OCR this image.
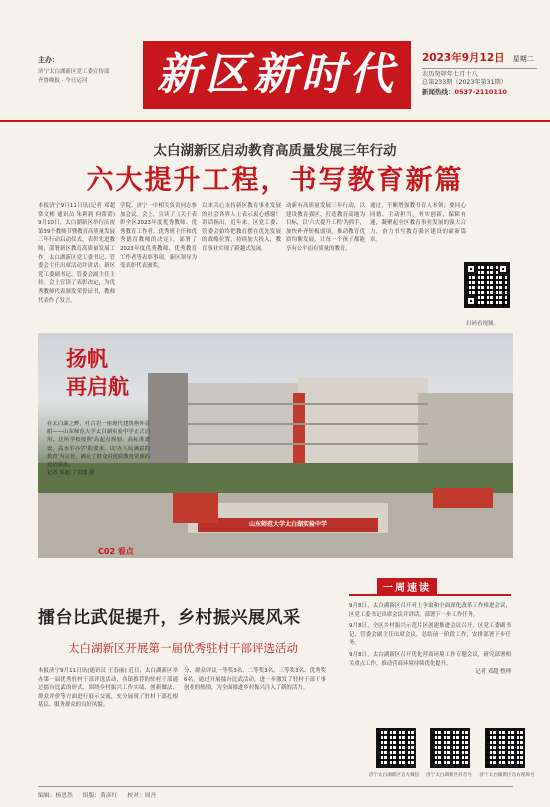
主办：
济宁太白湖新区党工委宣传部
齐鲁晚报 · 今日运河	新区新时代	2023年9月12日 星期二
农历癸卯年七月十八
总第233期（2023年第31期）
新闻热线：0537-2110110
太白湖新区启动教育高质量发展三年行动
六大提升工程，书写教育新篇
本报济宁9月11日讯(记者 邓超 常文彬 通讯员 朱莉莉 何蕾蕾) 9月10日，太白湖新区举行庆祝第39个教师节暨教育高质量发展三年行动启动仪式，表彰先进教师，部署新区教育高质量发展工作。太白湖新区党工委书记、管委会主任出席活动并讲话。新区党工委副书记、管委会副主任主持。会上宣读了表彰决定，为优秀教师代表颁发荣誉证书，教师代表作了发言。
学院、济宁一中相关负责同志参加会议。会上，宣读了《关于表彰全区2023年度优秀教师、优秀教育工作者、优秀班主任和优秀德育教师的决定》，部署了2023年度优秀教师、优秀教育工作者等表彰事项，新区领导为受表彰代表颁奖。
以来关心支持新区教育事业发展的社会各界人士表示衷心感谢！讲话指出，近年来，区党工委、管委会始终把教育摆在优先发展的战略位置，持续加大投入，教育事业实现了跨越式发展。
动新有高质量发展三年行动，以建设教育强区、打造教育高地为目标，以'六大提升工程'为抓手，加快补齐短板弱项，推动教育优质均衡发展，让每一个孩子都能享有公平而有质量的教育。
通过，不断增强教书育人本领；要同心同德，主动担当，务实创新，保障有速，凝聚起全区教育事业发展的强大合力，奋力书写教育强区建设的崭新篇章。
扫码看视频。
山东师范大学太白湖实验中学
扬帆
再启航
在太白湖之畔，吐古岩一座现代建筑格外显眼——山东师范大学太白湖实验中学正式启用。这所学校按照'高起点规划、高标准建设、高水平办学'的要求，以'办人民满意的教育'为宗旨，满足了群众对优质教育资源的迫切需求。
记者 邓超 丁宏图 摄
C02 看点
擂台比武促提升，乡村振兴展风采
太白湖新区开展第一届优秀驻村干部评选活动
本报济宁9月11日讯(通讯员 王春丽) 近日，太白湖新区举办第一届优秀驻村干部评选活动，各镇推荐的驻村干部通过擂台比武的形式，围绕乡村振兴工作实绩、创新做法、群众评价等方面进行展示交流，充分展现了驻村干部扎根基层、服务群众的良好风貌。
分、群众评议一等奖3名、二等奖3名、三等奖3名、优秀奖6名。通过开展擂台比武活动，进一步激发了驻村干部干事创业的热情，为全面推进乡村振兴注入了新的活力。
一周速读
9月8日，太白湖新区召开对上争取和全面深化改革工作推进会议，区党工委书记出席会议并讲话，部署下一步工作任务。
9月8日，全区乡村振兴示范片区创建推进会议召开，区党工委副书记、管委会副主任出席会议，总结前一阶段工作，安排部署下步任务。
9月8日，太白湖新区召开优化营商环境工作专题会议，研究部署相关重点工作，推动营商环境持续优化提升。
记者 邓超 整理
济宁太白湖新区官方微信	济宁太白湖新区抖音号	济宁太白湖新区官方视频号
编辑：杨思然 组版：黄彦红 校对：周丹
